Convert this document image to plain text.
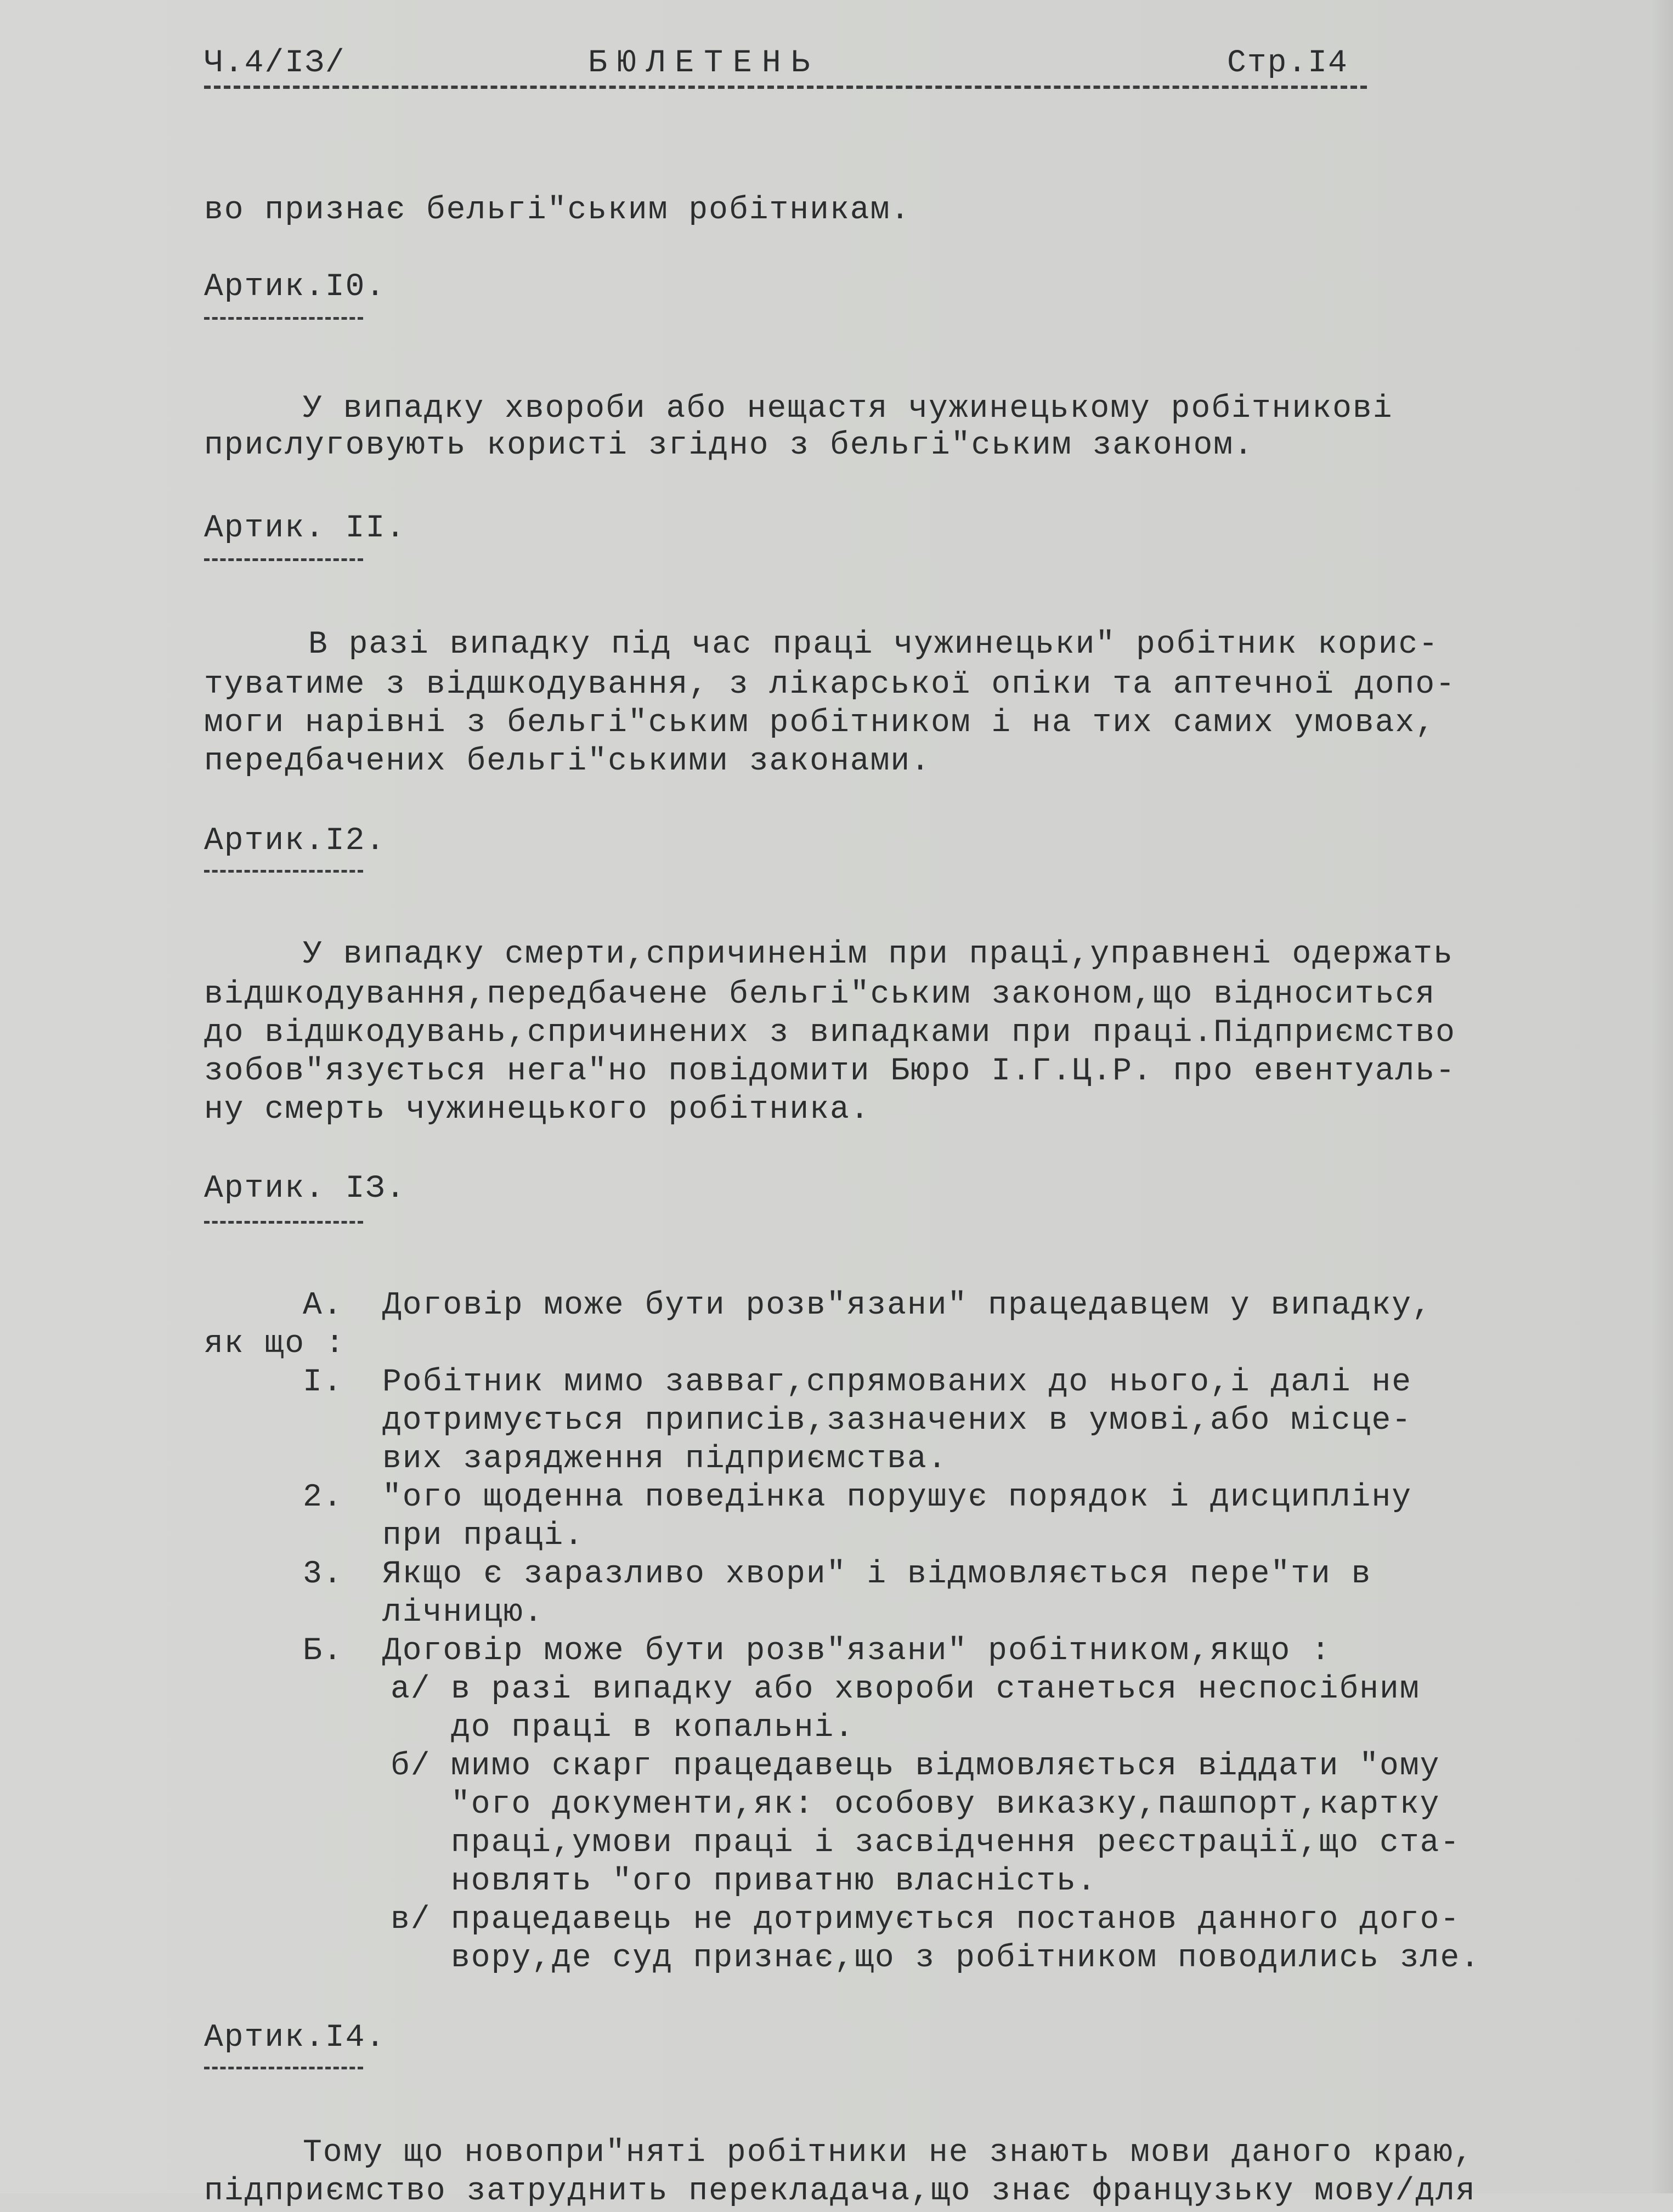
Ч.4/ІЗ/	БЮЛЕТЕНЬ	Стр.І4
во признає бельгі"ським робітникам.
Артик.І0.
У випадку хвороби або нещастя чужинецькому робітникові
прислуговують користі згідно з бельгі"ським законом.
Артик. ІІ.
В разі випадку під час праці чужинецьки" робітник корис-
туватиме з відшкодування, з лікарської опіки та аптечної допо-
моги нарівні з бельгі"ським робітником і на тих самих умовах,
передбачених бельгі"ськими законами.
Артик.І2.
У випадку смерти,спричиненім при праці,управнені одержать
відшкодування,передбачене бельгі"ським законом,що відноситься
до відшкодувань,спричинених з випадками при праці.Підприємство
зобов"язується нега"но повідомити Бюро І.Г.Ц.Р. про евентуаль-
ну смерть чужинецького робітника.
Артик. ІЗ.
А. Договір може бути розв"язани" працедавцем у випадку,
як що :
І. Робітник мимо завваг,спрямованих до нього,і далі не
дотримується приписів,зазначених в умові,або місце-
вих зарядження підприємства.
2. "ого щоденна поведінка порушує порядок і дисципліну
при праці.
3. Якщо є заразливо хвори" і відмовляється пере"ти в
лічницю.
Б. Договір може бути розв"язани" робітником,якщо :
а/ в разі випадку або хвороби станеться неспосібним
до праці в копальні.
б/ мимо скарг працедавець відмовляється віддати "ому
"ого документи,як: особову виказку,пашпорт,картку
праці,умови праці і засвідчення реєстрації,що ста-
новлять "ого приватню власність.
в/ працедавець не дотримується постанов данного дого-
вору,де суд признає,що з робітником поводились зле.
Артик.І4.
Тому що новопри"няті робітники не знають мови даного краю,
підприємство затруднить перекладача,що знає французьку мову/для
